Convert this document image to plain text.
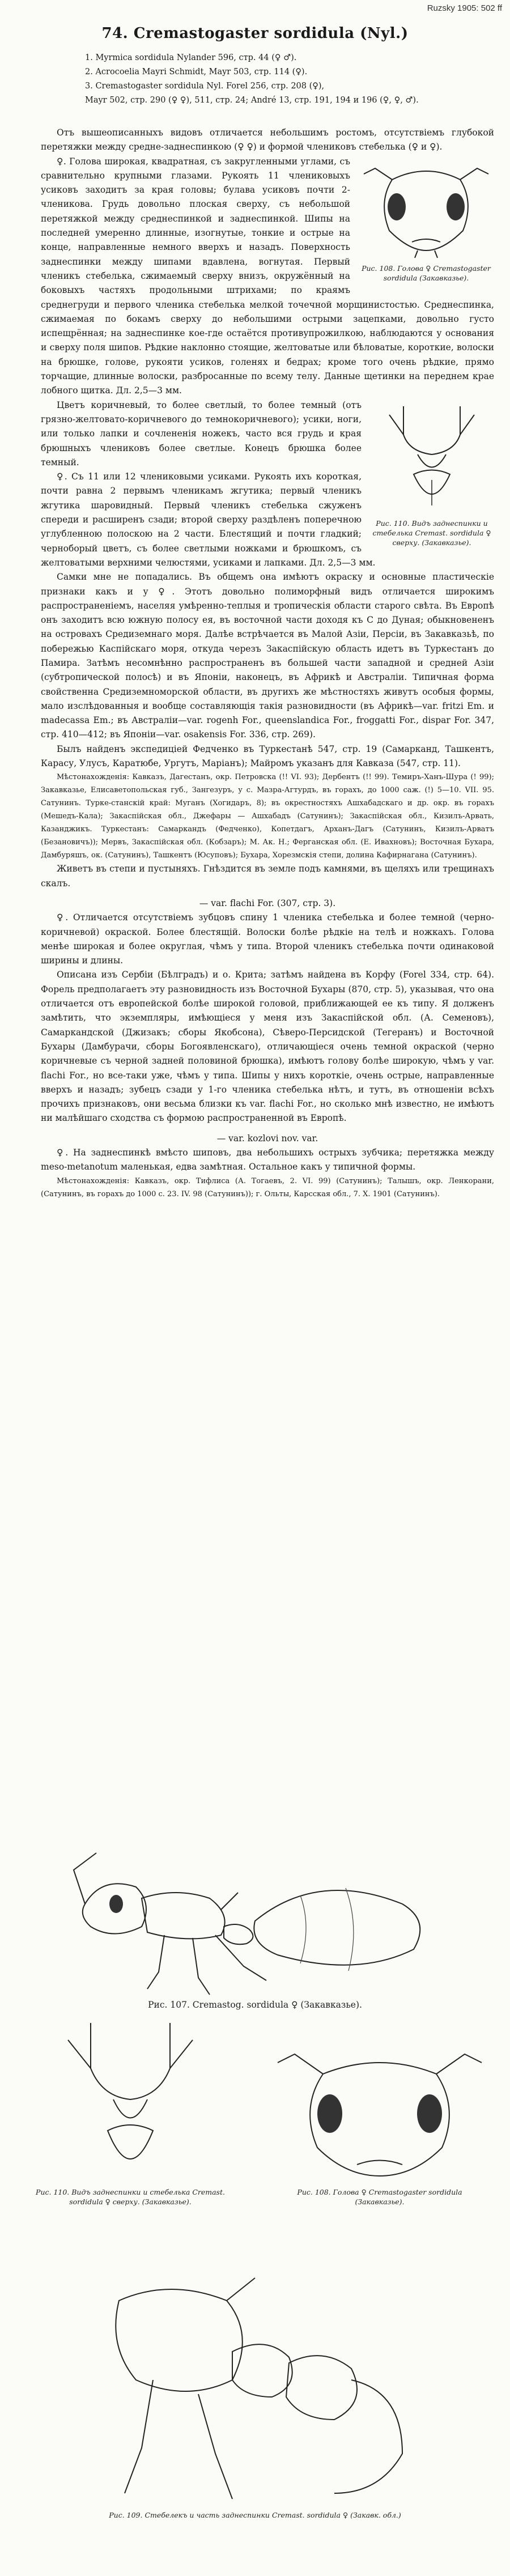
Ruzsky 1905: 502 ff
74. Cremastogaster sordidula (Nyl.)
1. Myrmica sordidula Nylander 596, стр. 44 (♀ ♂).
2. Acrocoelia Mayri Schmidt, Mayr 503, стр. 114 (♀).
3. Cremastogaster sordidula Nyl. Forel 256, стр. 208 (♀),
Mayr 502, стр. 290 (♀ ♀), 511, стр. 24; André 13, стр. 191, 194 и 196 (♀, ♀, ♂).

Отъ вышеописанныхъ видовъ отличается небольшимъ ростомъ, отсутствіемъ глубокой перетяжки между средне-заднеспинкою (♀ ♀) и формой члениковъ стебелька (♀ и ♀).

Рис. 108. Голова ♀ Cremastogaster sordidula (Закавказье).

♀. Голова широкая, квадратная, съ закругленными углами, съ сравнительно крупными глазами. Рукоять 11 члениковыхъ усиковъ заходитъ за края головы; булава усиковъ почти 2-членикова. Грудь довольно плоская сверху, съ небольшой перетяжкой между среднеспинкой и заднеспинкой. Шипы на последней умеренно длинные, изогнутые, тонкие и острые на конце, направленные немного вверхъ и назадъ. Поверхность заднеспинки между шипами вдавлена, вогнутая. Первый членикъ стебелька, сжимаемый сверху внизъ, окружённый на боковыхъ частяхъ продольными штрихами; по краямъ среднегруди и первого членика стебелька мелкой точечной морщинистостью. Среднеспинка, сжимаемая по бокамъ сверху до небольшими острыми зацепками, довольно густо испещрённая; на заднеспинке кое-где остаётся противупрожилкою, наблюдаются у основания и сверху поля шипов. Рѣдкие наклонно стоящие, желтоватые или бѣловатые, короткие, волоски на брюшке, голове, рукояти усиков, голенях и бедрах; кроме того очень рѣдкие, прямо торчащие, длинные волоски, разбросанные по всему телу. Данные щетинки на переднем крае лобного щитка. Дл. 2,5—3 мм.

Рис. 110. Видъ заднеспинки и стебелька Cremast. sordidula ♀ сверху. (Закавказье).

Цветъ коричневый, то более светлый, то более темный (отъ грязно-желтовато-коричневого до темнокоричневого); усики, ноги, или только лапки и сочлененія ножекъ, часто вся грудь и края брюшныхъ члениковъ более светлые. Конецъ брюшка более темный.

♀. Съ 11 или 12 члениковыми усиками. Рукоять ихъ короткая, почти равна 2 первымъ членикамъ жгутика; первый членикъ жгутика шаровидный. Первый членикъ стебелька сжуженъ спереди и расширенъ сзади; второй сверху раздѣленъ поперечною углубленною полоскою на 2 части. Блестящий и почти гладкий; черноборый цветъ, съ более светлыми ножками и брюшкомъ, съ желтоватыми верхними челюстями, усиками и лапками. Дл. 2,5—3 мм.

Самки мне не попадались. Въ общемъ она имѣютъ окраску и основные пластическіе признаки какъ и у ♀. Этотъ довольно полиморфный видъ отличается широкимъ распространеніемъ, населяя умѣренно-теплыя и тропическія области старого свѣта. Въ Европѣ онъ заходитъ всю южную полосу ея, въ восточной части доходя къ С до Дуная; обыкновененъ на островахъ Средиземнаго моря. Далѣе встрѣчается въ Малой Азіи, Персіи, въ Закавказьѣ, по побережью Каспійскаго моря, откуда черезъ Закаспійскую область идетъ въ Туркестанъ до Памира. Затѣмъ несомнѣнно распространенъ въ большей части западной и средней Азіи (субтропической полосѣ) и въ Японіи, наконецъ, въ Африкѣ и Австраліи. Типичная форма свойственна Средиземноморской области, въ другихъ же мѣстностяхъ живутъ особыя формы, мало изслѣдованныя и вообще составляющія такія разновидности (въ Африкѣ—var. fritzi Em. и madecassa Em.; въ Австраліи—var. rogenh For., queenslandica For., froggatti For., dispar For. 347, стр. 410—412; въ Японіи—var. osakensis For. 336, стр. 269).

Былъ найденъ экспедиціей Федченко въ Туркестанѣ 547, стр. 19 (Самарканд, Ташкентъ, Карасу, Улусъ, Каратюбе, Ургутъ, Маріанъ); Майромъ указанъ для Кавказа (547, стр. 11).

Мѣстонахожденія: Кавказъ, Дагестанъ, окр. Петровска (!! VI. 93); Дербентъ (!! 99). Темиръ-Ханъ-Шура (! 99); Закавказье, Елисаветопольская губ., Зангезуръ, у с. Мазра-Агтурдъ, въ горахъ, до 1000 саж. (!) 5—10. VII. 95. Сатунинъ. Турке-станскій край: Муганъ (Хогидаръ, 8); въ окрестностяхъ Ашхабадскаго и др. окр. въ горахъ (Мешедъ-Кала); Закаспійская обл., Джефары — Ашхабадъ (Сатунинъ); Закаспійская обл., Кизилъ-Арвать, Казанджикъ. Туркестанъ: Самаркандъ (Федченко), Копетдагъ, Арханъ-Дагъ (Сатунинъ, Кизилъ-Арватъ (Безановичъ)); Мервъ, Закаспійская обл. (Кобзаръ); М. Ак. Н.; Ферганская обл. (Е. Ивахновъ); Восточная Бухара, Дамбуряшъ, ок. (Сатунинъ), Ташкентъ (Юсуповъ); Бухара, Хорезмскія степи, долина Кафирнагана (Сатунинъ).

Живетъ въ степи и пустыняхъ. Гнѣздится въ земле подъ камнями, въ щеляхъ или трещинахъ скалъ.

— var. flachi For. (307, стр. 3).

♀. Отличается отсутствіемъ зубцовъ спину 1 членика стебелька и более темной (черно-коричневой) окраской. Более блестящій. Волоски болѣе рѣдкіе на телѣ и ножкахъ. Голова менѣе широкая и более округлая, чѣмъ у типа. Второй членикъ стебелька почти одинаковой ширины и длины.

Описана изъ Сербіи (Бѣлградъ) и о. Крита; затѣмъ найдена въ Корфу (Forel 334, стр. 64). Форель предполагаетъ эту разновидность изъ Восточной Бухары (870, стр. 5), указывая, что она отличается отъ европейской болѣе широкой головой, приближающей ее къ типу. Я долженъ замѣтить, что экземпляры, имѣющіеся у меня изъ Закаспійской обл. (А. Семеновъ), Самаркандской (Джизакъ; сборы Якобсона), Сѣверо-Персидской (Тегеранъ) и Восточной Бухары (Дамбурачи, сборы Богоявленскаго), отличающіеся очень темной окраской (черно коричневые съ черной задней половиной брюшка), имѣютъ голову болѣе широкую, чѣмъ у var. flachi For., но все-таки уже, чѣмъ у типа. Шипы у нихъ короткіе, очень острые, направленные вверхъ и назадъ; зубецъ сзади у 1-го членика стебелька нѣтъ, и тутъ, въ отношеніи всѣхъ прочихъ признаковъ, они весьма близки къ var. flachi For., но сколько мнѣ известно, не имѣютъ ни малѣйшаго сходства съ формою распространенной въ Европѣ.

— var. kozlovi nov. var.

♀. На заднеспинкѣ вмѣсто шиповъ, два небольшихъ острыхъ зубчика; перетяжка между meso-metanotum маленькая, едва замѣтная. Остальное какъ у типичной формы.

Мѣстонахожденія: Кавказъ, окр. Тифлиса (А. Тогаевъ, 2. VI. 99) (Сатунинъ); Талышъ, окр. Ленкорани, (Сатунинъ, въ горахъ до 1000 с. 23. IV. 98 (Сатунинъ)); г. Ольты, Карсская обл., 7. X. 1901 (Сатунинъ).

Рис. 107. Cremastog. sordidula ♀ (Закавказье).
Рис. 110. Видъ заднеспинки и стебелька Cremast. sordidula ♀ сверху. (Закавказье).
Рис. 108. Голова ♀ Cremastogaster sordidula (Закавказье).
Рис. 109. Стебелекъ и часть заднеспинки Cremast. sordidula ♀ (Закавк. обл.)
